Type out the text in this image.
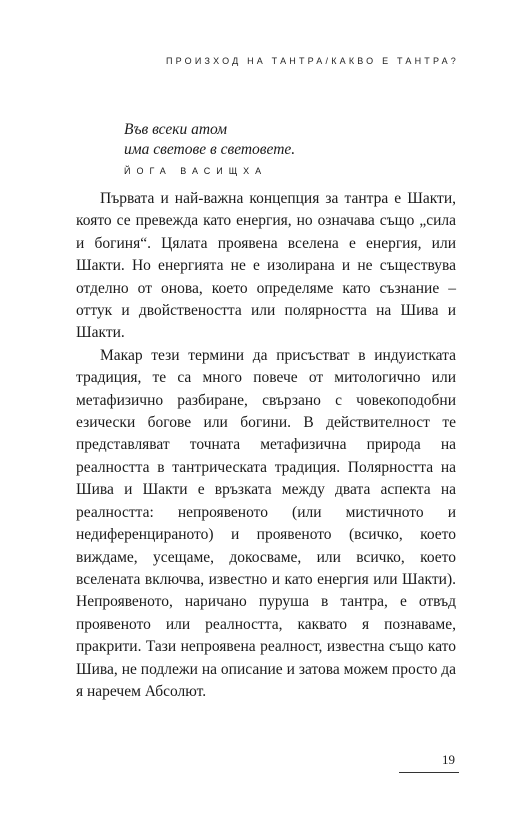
ПРОИЗХОД НА ТАНТРА/КАКВО Е ТАНТРА?
Във всеки атом
има светове в световете.
ЙОГА ВАСИЩХА

Първата и най-важна концепция за тантра е Шакти, която се превежда като енергия, но означава също „сила и богиня“. Цялата проявена вселена е енергия, или Шакти. Но енергията не е изолирана и не съществува отделно от онова, което определяме като съзнание – оттук и двойствеността или полярността на Шива и Шакти.

Макар тези термини да присъстват в индуистката традиция, те са много повече от митологично или метафизично разбиране, свързано с човекоподобни езически богове или богини. В действителност те представляват точната метафизична природа на реалността в тантрическата традиция. Полярността на Шива и Шакти е връзката между двата аспекта на реалността: непроявеното (или мистичното и недиференцираното) и проявеното (всичко, което виждаме, усещаме, докосваме, или всичко, което вселената включва, известно и като енергия или Шакти). Непроявеното, наричано пуруша в тантра, е отвъд проявеното или реалността, каквато я познаваме, пракрити. Тази непроявена реалност, известна също като Шива, не подлежи на описание и затова можем просто да я наречем Абсолют.

19
